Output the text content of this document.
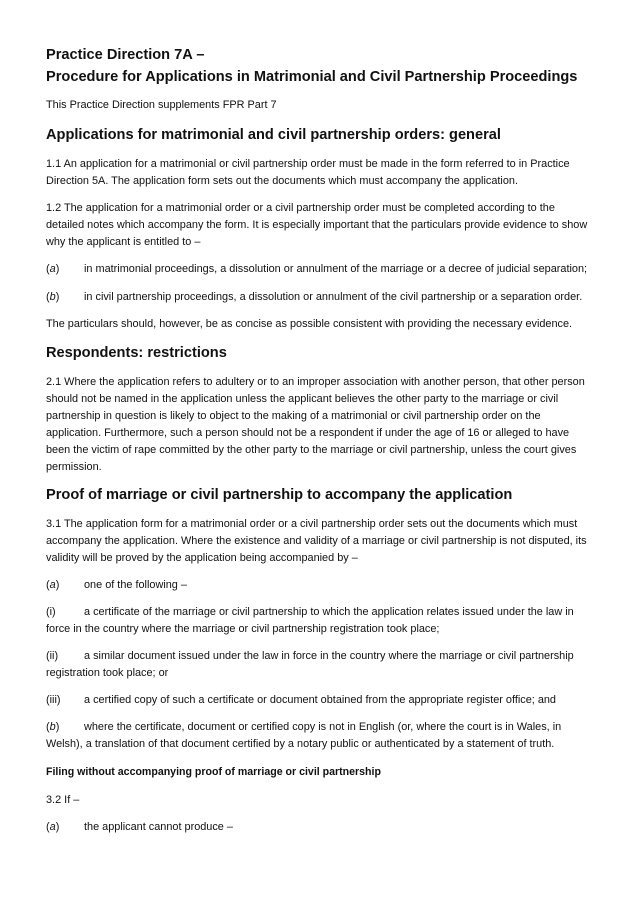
Practice Direction 7A –
Procedure for Applications in Matrimonial and Civil Partnership Proceedings
This Practice Direction supplements FPR Part 7
Applications for matrimonial and civil partnership orders: general

1.1 An application for a matrimonial or civil partnership order must be made in the form referred to in Practice Direction 5A. The application form sets out the documents which must accompany the application.

1.2 The application for a matrimonial order or a civil partnership order must be completed according to the detailed notes which accompany the form. It is especially important that the particulars provide evidence to show why the applicant is entitled to –

(a) in matrimonial proceedings, a dissolution or annulment of the marriage or a decree of judicial separation;
(b) in civil partnership proceedings, a dissolution or annulment of the civil partnership or a separation order.

The particulars should, however, be as concise as possible consistent with providing the necessary evidence.

Respondents: restrictions

2.1 Where the application refers to adultery or to an improper association with another person, that other person should not be named in the application unless the applicant believes the other party to the marriage or civil partnership in question is likely to object to the making of a matrimonial or civil partnership order on the application. Furthermore, such a person should not be a respondent if under the age of 16 or alleged to have been the victim of rape committed by the other party to the marriage or civil partnership, unless the court gives permission.

Proof of marriage or civil partnership to accompany the application

3.1 The application form for a matrimonial order or a civil partnership order sets out the documents which must accompany the application. Where the existence and validity of a marriage or civil partnership is not disputed, its validity will be proved by the application being accompanied by –

(a) one of the following –
(i)	a certificate of the marriage or civil partnership to which the application relates issued under the law in force in the country where the marriage or civil partnership registration took place;
(ii) a similar document issued under the law in force in the country where the marriage or civil partnership registration took place; or
(iii) a certified copy of such a certificate or document obtained from the appropriate register office; and
(b) where the certificate, document or certified copy is not in English (or, where the court is in Wales, in Welsh), a translation of that document certified by a notary public or authenticated by a statement of truth.
Filing without accompanying proof of marriage or civil partnership

3.2 If –

(a) the applicant cannot produce –
